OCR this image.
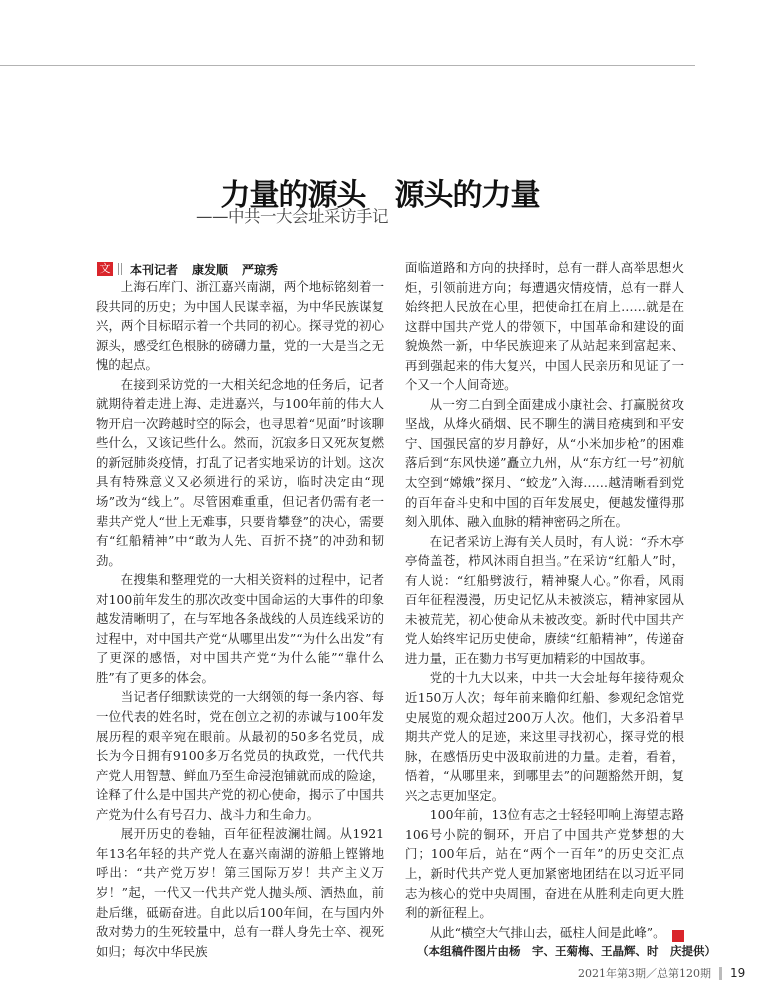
力量的源头　源头的力量
——中共一大会址采访手记
文 本刊记者 康发顺 严琼秀

上海石库门、浙江嘉兴南湖，两个地标铭刻着一段共同的历史；为中国人民谋幸福，为中华民族谋复兴，两个目标昭示着一个共同的初心。探寻党的初心源头，感受红色根脉的磅礴力量，党的一大是当之无愧的起点。

在接到采访党的一大相关纪念地的任务后，记者就期待着走进上海、走进嘉兴，与100年前的伟大人物开启一次跨越时空的际会，也寻思着“见面”时该聊些什么，又该记些什么。然而，沉寂多日又死灰复燃的新冠肺炎疫情，打乱了记者实地采访的计划。这次具有特殊意义又必须进行的采访，临时决定由“现场”改为“线上”。尽管困难重重，但记者仍需有老一辈共产党人“世上无难事，只要肯攀登”的决心，需要有“红船精神”中“敢为人先、百折不挠”的冲劲和韧劲。

在搜集和整理党的一大相关资料的过程中，记者对100前年发生的那次改变中国命运的大事件的印象越发清晰明了，在与军地各条战线的人员连线采访的过程中，对中国共产党“从哪里出发”“为什么出发”有了更深的感悟，对中国共产党“为什么能”“靠什么胜”有了更多的体会。

当记者仔细默读党的一大纲领的每一条内容、每一位代表的姓名时，党在创立之初的赤诚与100年发展历程的艰辛宛在眼前。从最初的50多名党员，成长为今日拥有9100多万名党员的执政党，一代代共产党人用智慧、鲜血乃至生命浸泡铺就而成的险途，诠释了什么是中国共产党的初心使命，揭示了中国共产党为什么有号召力、战斗力和生命力。

展开历史的卷轴，百年征程波澜壮阔。从1921年13名年轻的共产党人在嘉兴南湖的游船上铿锵地呼出：“共产党万岁！第三国际万岁！共产主义万岁！”起，一代又一代共产党人抛头颅、洒热血，前赴后继，砥砺奋进。自此以后100年间，在与国内外敌对势力的生死较量中，总有一群人身先士卒、视死如归；每次中华民族

面临道路和方向的抉择时，总有一群人高举思想火炬，引领前进方向；每遭遇灾情疫情，总有一群人始终把人民放在心里，把使命扛在肩上……就是在这群中国共产党人的带领下，中国革命和建设的面貌焕然一新，中华民族迎来了从站起来到富起来、再到强起来的伟大复兴，中国人民亲历和见证了一个又一个人间奇迹。

从一穷二白到全面建成小康社会、打赢脱贫攻坚战，从烽火硝烟、民不聊生的满目疮痍到和平安宁、国强民富的岁月静好，从“小米加步枪”的困难落后到“东风快递”矗立九州，从“东方红一号”初航太空到“嫦娥”探月、“蛟龙”入海……越清晰看到党的百年奋斗史和中国的百年发展史，便越发懂得那刻入肌体、融入血脉的精神密码之所在。

在记者采访上海有关人员时，有人说：“乔木亭亭倚盖苍，栉风沐雨自担当。”在采访“红船人”时，有人说：“红船劈波行，精神聚人心。”你看，风雨百年征程漫漫，历史记忆从未被淡忘，精神家园从未被荒芜，初心使命从未被改变。新时代中国共产党人始终牢记历史使命，赓续“红船精神”，传递奋进力量，正在勠力书写更加精彩的中国故事。

党的十九大以来，中共一大会址每年接待观众近150万人次；每年前来瞻仰红船、参观纪念馆党史展览的观众超过200万人次。他们，大多沿着早期共产党人的足迹，来这里寻找初心，探寻党的根脉，在感悟历史中汲取前进的力量。走着，看着，悟着，“从哪里来，到哪里去”的问题豁然开朗，复兴之志更加坚定。

100年前，13位有志之士轻轻叩响上海望志路106号小院的铜环，开启了中国共产党梦想的大门；100年后，站在“两个一百年”的历史交汇点上，新时代共产党人更加紧密地团结在以习近平同志为核心的党中央周围，奋进在从胜利走向更大胜利的新征程上。

从此“横空大气排山去，砥柱人间是此峰”。	G

（本组稿件图片由杨　宇、王菊梅、王晶辉、时　庆提供）

2021年第3期／总第120期 19
